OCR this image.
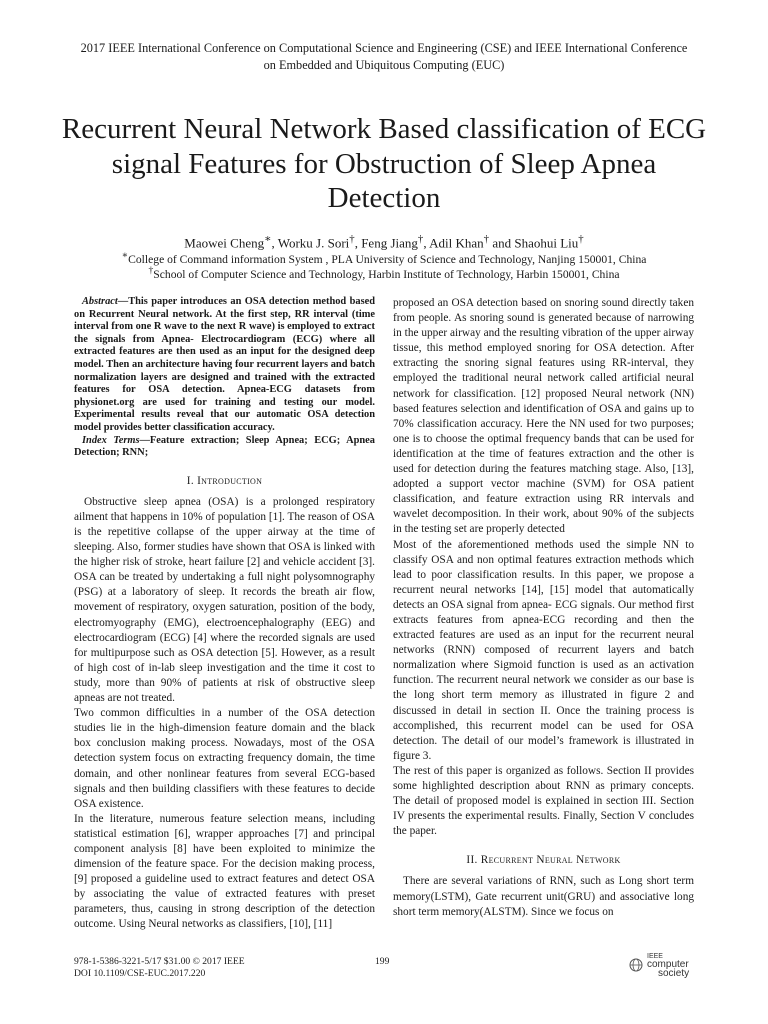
2017 IEEE International Conference on Computational Science and Engineering (CSE) and IEEE International Conference
on Embedded and Ubiquitous Computing (EUC)
Recurrent Neural Network Based classification of ECG signal Features for Obstruction of Sleep Apnea Detection
Maowei Cheng∗, Worku J. Sori†, Feng Jiang†, Adil Khan† and Shaohui Liu†
∗College of Command information System , PLA University of Science and Technology, Nanjing 150001, China
†School of Computer Science and Technology, Harbin Institute of Technology, Harbin 150001, China
Abstract—This paper introduces an OSA detection method based on Recurrent Neural network. At the first step, RR interval (time interval from one R wave to the next R wave) is employed to extract the signals from Apnea- Electrocardiogram (ECG) where all extracted features are then used as an input for the designed deep model. Then an architecture having four recurrent layers and batch normalization layers are designed and trained with the extracted features for OSA detection. Apnea-ECG datasets from physionet.org are used for training and testing our model. Experimental results reveal that our automatic OSA detection model provides better classification accuracy.
Index Terms—Feature extraction; Sleep Apnea; ECG; Apnea Detection; RNN;
I. Introduction

Obstructive sleep apnea (OSA) is a prolonged respiratory ailment that happens in 10% of population [1]. The reason of OSA is the repetitive collapse of the upper airway at the time of sleeping. Also, former studies have shown that OSA is linked with the higher risk of stroke, heart failure [2] and vehicle accident [3]. OSA can be treated by undertaking a full night polysomnography (PSG) at a laboratory of sleep. It records the breath air flow, movement of respiratory, oxygen saturation, position of the body, electromyography (EMG), electroencephalography (EEG) and electrocardiogram (ECG) [4] where the recorded signals are used for multipurpose such as OSA detection [5]. However, as a result of high cost of in-lab sleep investigation and the time it cost to study, more than 90% of patients at risk of obstructive sleep apneas are not treated.

Two common difficulties in a number of the OSA detection studies lie in the high-dimension feature domain and the black box conclusion making process. Nowadays, most of the OSA detection system focus on extracting frequency domain, the time domain, and other nonlinear features from several ECG-based signals and then building classifiers with these features to decide OSA existence.

In the literature, numerous feature selection means, including statistical estimation [6], wrapper approaches [7] and principal component analysis [8] have been exploited to minimize the dimension of the feature space. For the decision making process, [9] proposed a guideline used to extract features and detect OSA by associating the value of extracted features with preset parameters, thus, causing in strong description of the detection outcome. Using Neural networks as classifiers, [10], [11]

proposed an OSA detection based on snoring sound directly taken from people. As snoring sound is generated because of narrowing in the upper airway and the resulting vibration of the upper airway tissue, this method employed snoring for OSA detection. After extracting the snoring signal features using RR-interval, they employed the traditional neural network called artificial neural network for classification. [12] proposed Neural network (NN) based features selection and identification of OSA and gains up to 70% classification accuracy. Here the NN used for two purposes; one is to choose the optimal frequency bands that can be used for identification at the time of features extraction and the other is used for detection during the features matching stage. Also, [13], adopted a support vector machine (SVM) for OSA patient classification, and feature extraction using RR intervals and wavelet decomposition. In their work, about 90% of the subjects in the testing set are properly detected

Most of the aforementioned methods used the simple NN to classify OSA and non optimal features extraction methods which lead to poor classification results. In this paper, we propose a recurrent neural networks [14], [15] model that automatically detects an OSA signal from apnea- ECG signals. Our method first extracts features from apnea-ECG recording and then the extracted features are used as an input for the recurrent neural networks (RNN) composed of recurrent layers and batch normalization where Sigmoid function is used as an activation function. The recurrent neural network we consider as our base is the long short term memory as illustrated in figure 2 and discussed in detail in section II. Once the training process is accomplished, this recurrent model can be used for OSA detection. The detail of our model’s framework is illustrated in figure 3.

The rest of this paper is organized as follows. Section II provides some highlighted description about RNN as primary concepts. The detail of proposed model is explained in section III. Section IV presents the experimental results. Finally, Section V concludes the paper.

II. Recurrent Neural Network

There are several variations of RNN, such as Long short term memory(LSTM), Gate recurrent unit(GRU) and associative long short term memory(ALSTM). Since we focus on

978-1-5386-3221-5/17 $31.00 © 2017 IEEE
DOI 10.1109/CSE-EUC.2017.220
199	IEEE
computer
society
